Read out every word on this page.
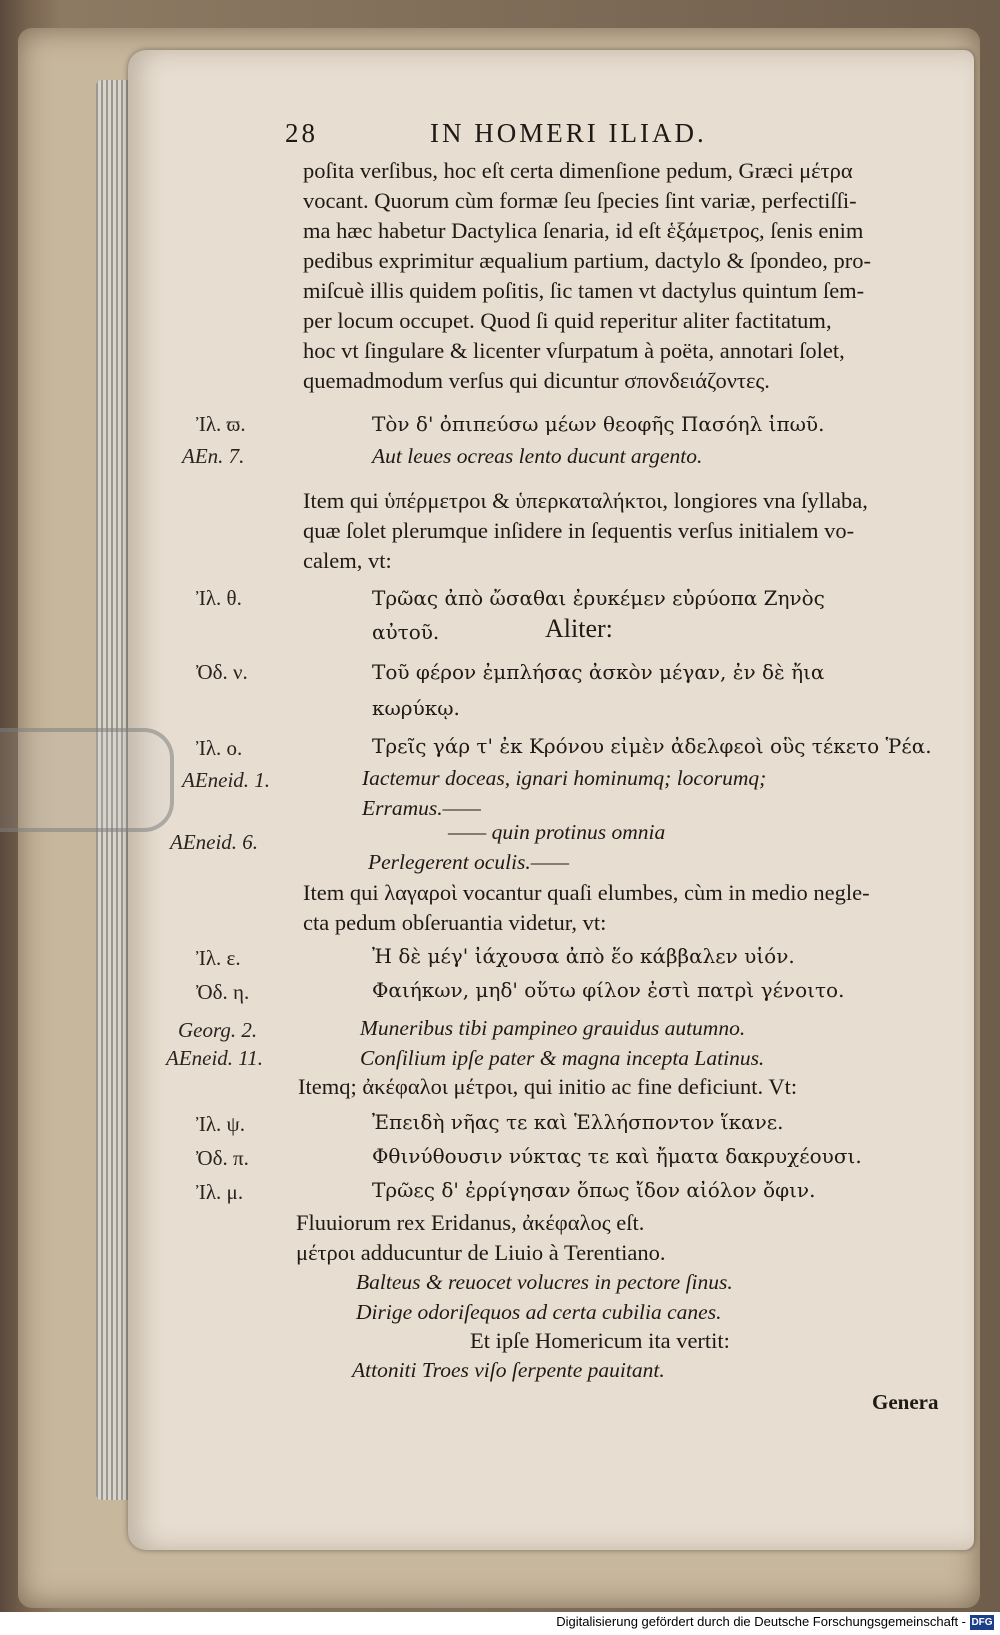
28	IN HOMERI ILIAD.
poſita verſibus, hoc eſt certa dimenſione pedum, Græci μέτρα
vocant. Quorum cùm formæ ſeu ſpecies ſint variæ, perfectiſſi-
ma hæc habetur Dactylica ſenaria, id eſt ἑξάμετρος, ſenis enim
pedibus exprimitur æqualium partium, dactylo & ſpondeo, pro-
miſcuè illis quidem poſitis, ſic tamen vt dactylus quintum ſem-
per locum occupet. Quod ſi quid reperitur aliter factitatum,
hoc vt ſingulare & licenter vſurpatum à poëta, annotari ſolet,
quemadmodum verſus qui dicuntur σπονδειάζοντες.
Ἰλ. ϖ.	Τὸν δ' ὀπιπεύσω μέων θεοφῆς Πασόηλ ἱπωῦ.
AEn. 7.	Aut leues ocreas lento ducunt argento.
Item qui ὑπέρμετροι & ὑπερκαταλήκτοι, longiores vna ſyllaba,
quæ ſolet plerumque inſidere in ſequentis verſus initialem vo-
calem, vt:
Ἰλ. θ.	Τρῶας ἀπὸ ὤσαθαι ἐρυκέμεν εὐρύοπα Ζηνὸς
αὐτοῦ.	Aliter:
Ὀδ. ν.	Τοῦ φέρον ἐμπλήσας ἀσκὸν μέγαν, ἐν δὲ ἤια
κωρύκῳ.
Ἰλ. ο.	Τρεῖς γάρ τ' ἐκ Κρόνου εἰμὲν ἀδελφεοὶ οὓς τέκετο Ῥέα.
AEneid. 1.	Iactemur doceas, ignari hominumq; locorumq;
Erramus.——
AEneid. 6.	—— quin protinus omnia
Perlegerent oculis.——
Item qui λαγαροὶ vocantur quaſi elumbes, cùm in medio negle-
cta pedum obſeruantia videtur, vt:
Ἰλ. ε.	Ἠ δὲ μέγ' ἰάχουσα ἀπὸ ἕο κάββαλεν υἱόν.
Ὀδ. η.	Φαιήκων, μηδ' οὕτω φίλον ἐστὶ πατρὶ γένοιτο.
Georg. 2.	Muneribus tibi pampineo grauidus autumno.
AEneid. 11.	Conſilium ipſe pater & magna incepta Latinus.
Itemq; ἀκέφαλοι μέτροι, qui initio ac fine deficiunt. Vt:
Ἰλ. ψ.	Ἐπειδὴ νῆας τε καὶ Ἑλλήσποντον ἵκανε.
Ὀδ. π.	Φθινύθουσιν νύκτας τε καὶ ἤματα δακρυχέουσι.
Ἰλ. μ.	Τρῶες δ' ἐρρίγησαν ὅπως ἴδον αἰόλον ὄφιν.
Fluuiorum rex Eridanus, ἀκέφαλος eſt.
μέτροι adducuntur de Liuio à Terentiano.
Balteus & reuocet volucres in pectore ſinus.
Dirige odoriſequos ad certa cubilia canes.
Et ipſe Homericum ita vertit:
Attoniti Troes viſo ſerpente pauitant.
Genera
Digitalisierung gefördert durch die Deutsche Forschungsgemeinschaft - DFG
